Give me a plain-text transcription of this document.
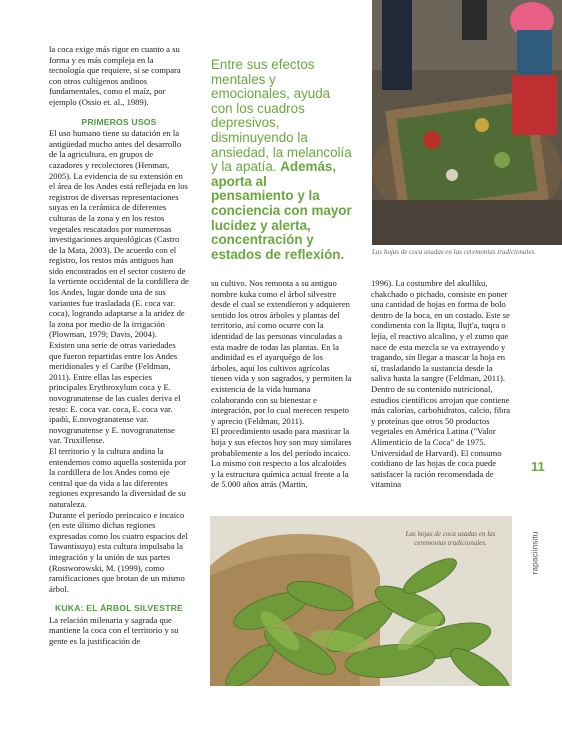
la coca exige más rigor en cuanto a su forma y es más compleja en la tecnología que requiere, si se compara con otros cultígenos andinos fundamentales, como el maíz, por ejemplo (Ossio et. al., 1989).

PRIMEROS USOS

El uso humano tiene su datación en la antigüedad mucho antes del desarrollo de la agricultura, en grupos de cazadores y recolectores (Henman, 2005). La evidencia de su extensión en el área de los Andes está reflejada en los registros de diversas representaciones suyas en la cerámica de diferentes culturas de la zona y en los restos vegetales rescatados por numerosas investigaciones arqueológicas (Castro de la Mata, 2003). De acuerdo con el registro, los restos más antiguos han sido encontrados en el sector costero de la vertiente occidental de la cordillera de los Andes, lugar donde una de sus variantes fue trasladada (E. coca var. coca), logrando adaptarse a la aridez de la zona por medio de la irrigación (Plowman, 1979; Davis, 2004).

Existen una serie de otras variedades que fueron repartidas entre los Andes meridionales y el Caribe (Feldman, 2011). Entre ellas las especies principales Erythroxylum coca y E. novogranatense de las cuales deriva el resto: E. coca var. coca, E. coca var. ipadú, E.novogranatense var. novogranatense y E. novogranatense var. Truxillense.

El territorio y la cultura andina la entendemos como aquella sostenida por la cordillera de los Andes como eje central que da vida a las diferentes regiones expresando la diversidad de su naturaleza.

Durante el período preincaico e incaico (en este último dichas regiones expresadas como los cuatro espacios del Tawantisuyu) esta cultura impulsaba la integración y la unión de sus partes (Rostworowski, M. (1999), como ramificaciones que brotan de un mismo árbol.

KUKA: EL ÁRBOL SILVESTRE

La relación milenaria y sagrada que mantiene la coca con el territorio y su gente es la justificación de

Entre sus efectos mentales y emocionales, ayuda con los cuadros depresivos, disminuyendo la ansiedad, la melancolía y la apatía. Además, aporta al pensamiento y la conciencia con mayor lucidez y alerta, concentración y estados de reflexión.	Las hojas de coca usadas en las ceremonias tradicionales.

su cultivo. Nos remonta a su antiguo nombre kuka como el árbol silvestre desde el cual se extendieron y adquieren sentido los otros árboles y plantas del territorio, así como ocurre con la identidad de las personas vinculadas a esta madre de todas las plantas. En la andinidad es el ayarquégo de los árboles, aquí los cultivos agrícolas tienen vida y son sagrados, y permiten la existencia de la vida humana colaborando con su bienestar e integración, por lo cual merecen respeto y aprecio (Feldman, 2011).

El procedimiento usado para masticar la hoja y sus efectos hoy son muy similares probablemente a los del período incaico. Lo mismo con respecto a los alcaloides y la estructura química actual frente a la de 5.000 años atrás (Martin,

1996). La costumbre del akulliku, chakchado o pichado, consiste en poner una cantidad de hojas en forma de bolo dentro de la boca, en un costado. Este se condimenta con la llipta, llujt'a, tuqra o lejía, el reactivo alcalino, y el zumo que nace de esta mezcla se va extrayendo y tragando, sin llegar a mascar la hoja en sí, trasladando la sustancia desde la saliva hasta la sangre (Feldman, 2011).

Dentro de su contenido nutricional, estudios científicos arrojan que contiene más calorías, carbohidratos, calcio, fibra y proteínas que otros 50 productos vegetales en América Latina ("Valor Alimenticio de la Coca" de 1975. Universidad de Harvard). El consumo cotidiano de las hojas de coca puede satisfacer la ración recomendada de vitamina

11
rapaciinsitu
Las hojas de coca usadas en las ceremonias tradicionales.
